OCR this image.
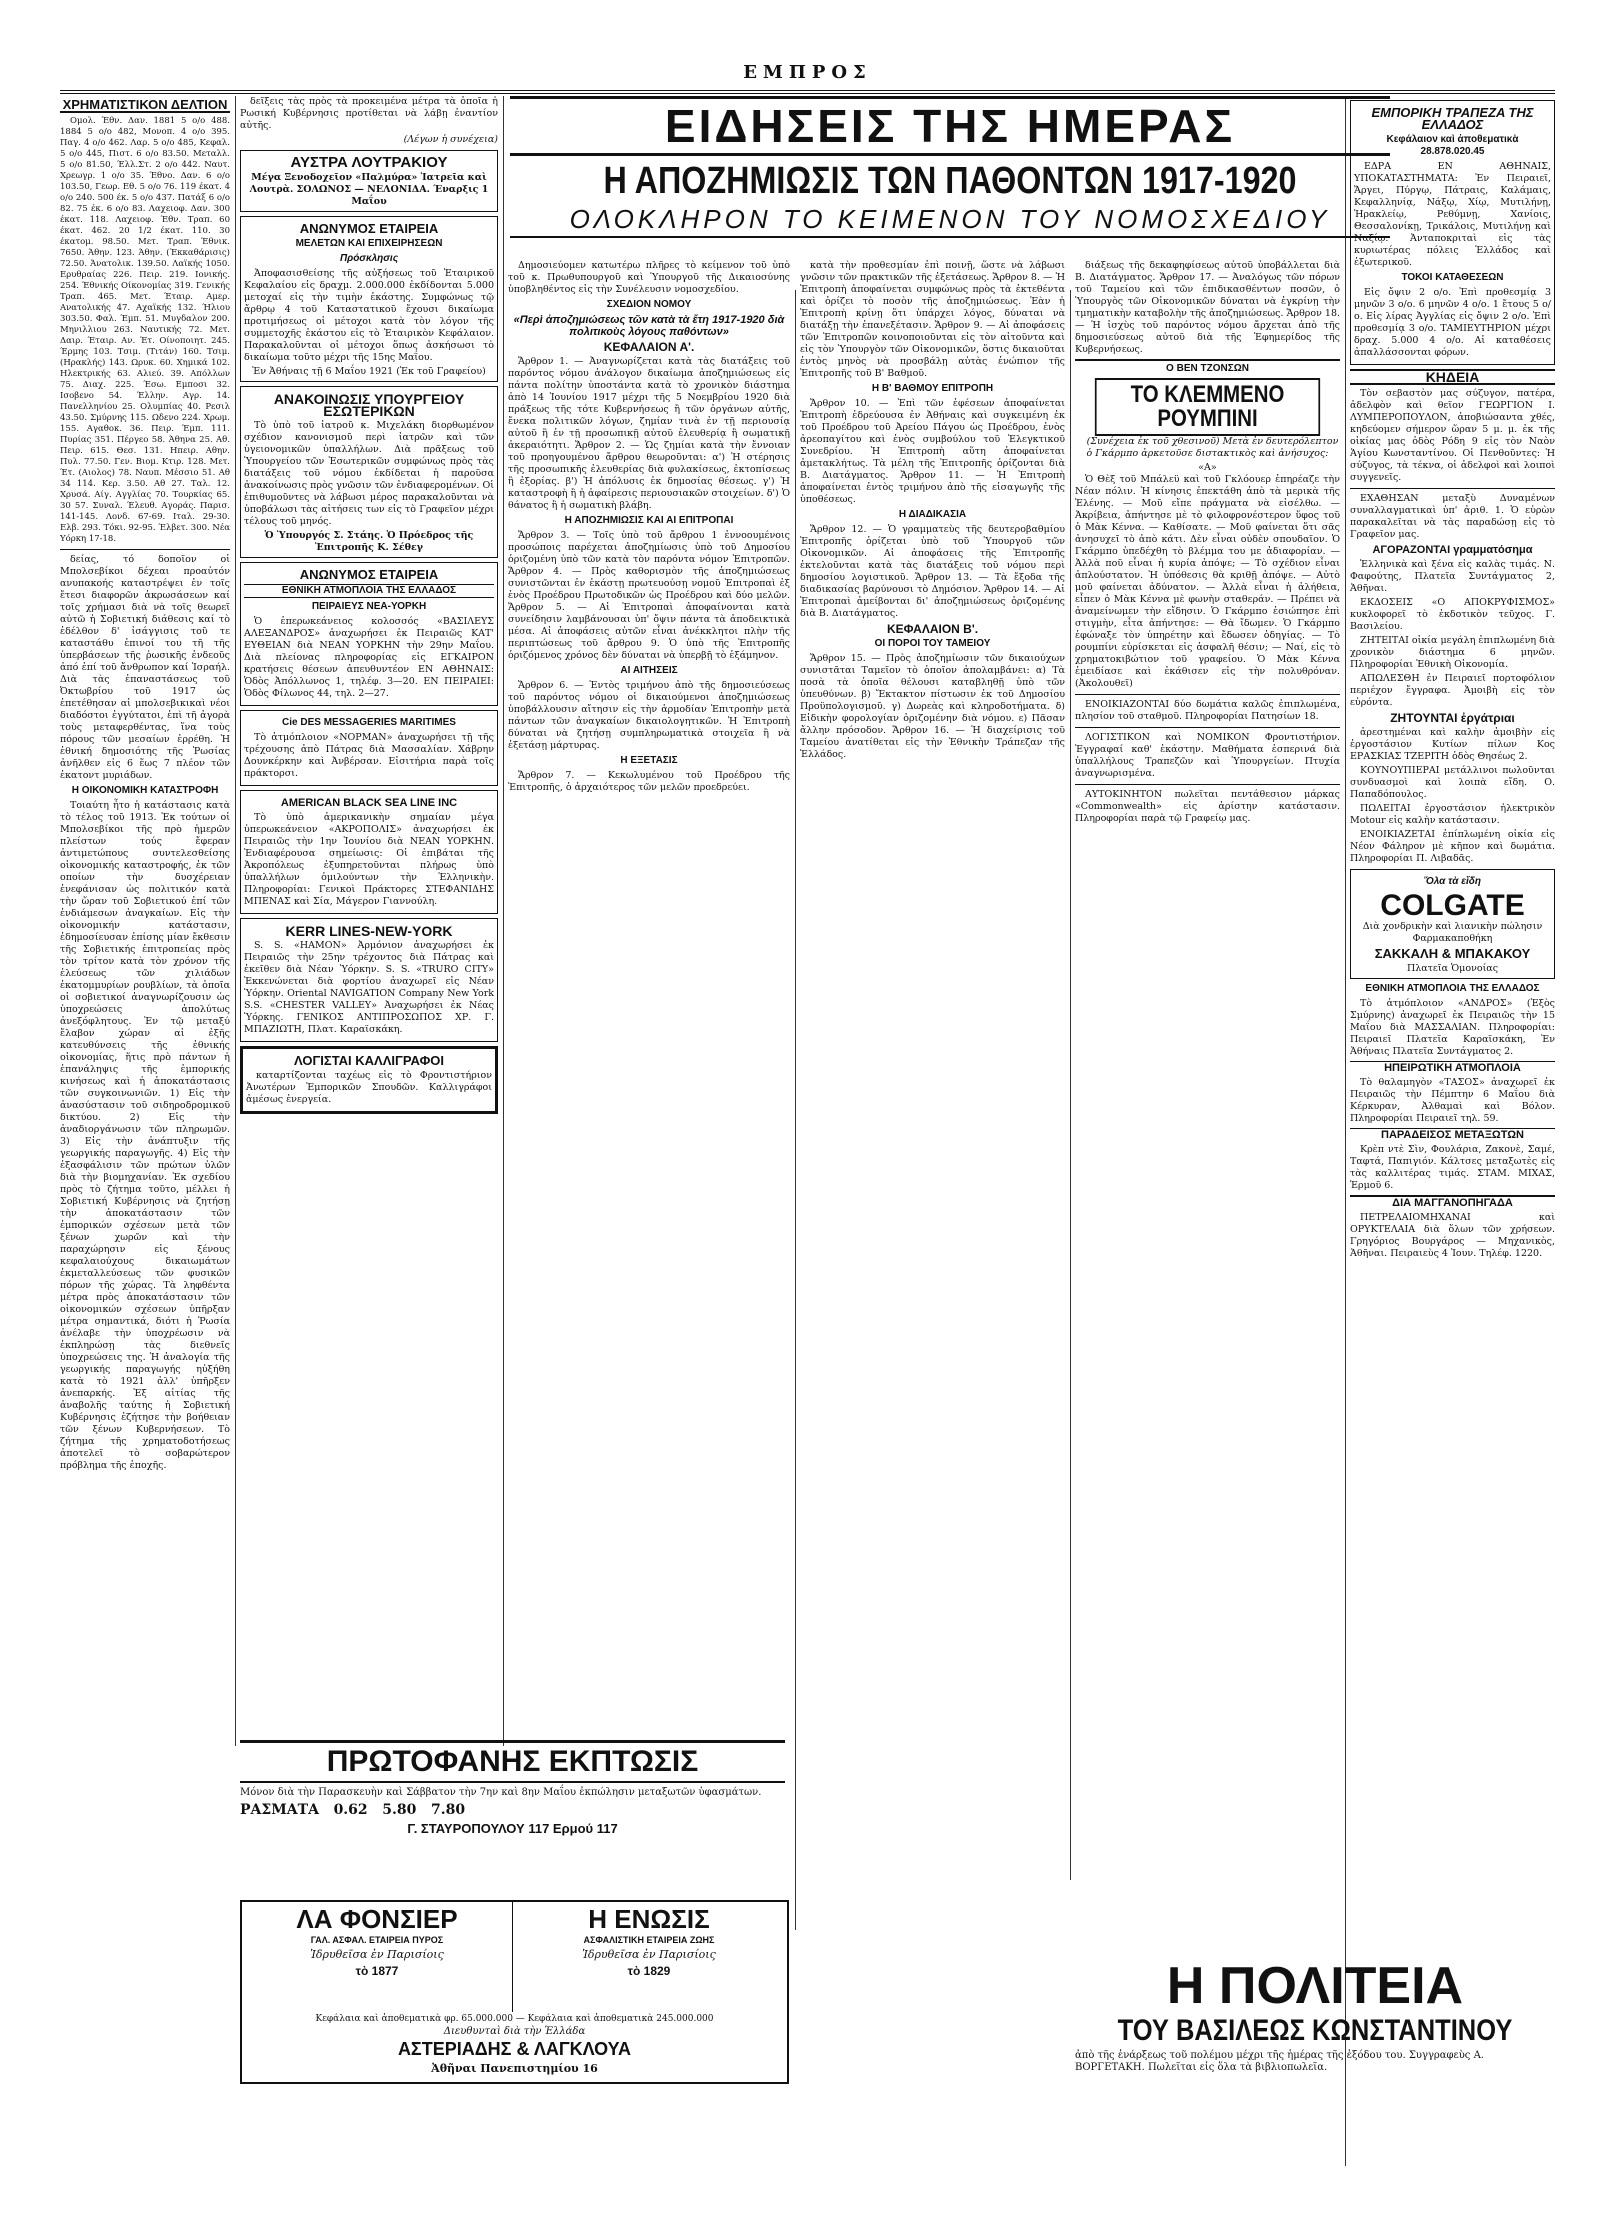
ΕΜΠΡΟΣ
ΧΡΗΜΑΤΙΣΤΙΚΟΝ ΔΕΛΤΙΟΝ

Ομολ. Έθν. Δαν. 1881 5 ο/ο 488. 1884 5 ο/ο 482, Μονοπ. 4 ο/ο 395. Παγ. 4 ο/ο 462. Λαρ. 5 ο/ο 485, Κεφαλ. 5 ο/ο 445, Πιστ. 6 ο/ο 83.50. Μεταλλ. 5 ο/ο 81.50, Έλλ.Στ. 2 ο/ο 442. Ναυτ. Χρεωγρ. 1 ο/ο 35. Έθνο. Δαν. 6 ο/ο 103.50, Γεωρ. Εθ. 5 ο/ο 76. 119 έκατ. 4 ο/ο 240. 500 έκ. 5 ο/ο 437. Πατάξ 6 ο/ο 82. 75 έκ. 6 ο/ο 83. Λαχειοφ. Δαν. 300 έκατ. 118. Λαχειοφ. Έθν. Τραπ. 60 έκατ. 462. 20 1/2 έκατ. 110. 30 έκατομ. 98.50. Μετ. Τραπ. Έθνικ. 7650. Άθην. 123. Άθην. (Έκκαθάρισις) 72.50. Άνατολικ. 139.50. Λαϊκής 1050. Ερυθραίας 226. Πειρ. 219. Ιονικής. 254. Έθνικής Οίκονομίας 319. Γενικής Τραπ. 465. Μετ. Έταιρ. Αμερ. Ανατολικής 47. Αχαϊκής 132. Ήλιου 303.50. Φαλ. Έμπ. 51. Μυγδαλον 200. Μηνιλλιου 263. Ναυτικής 72. Μετ. Δαιρ. Έταιρ. Αν. Έτ. Οίνοποιητ. 245. Έρμης 103. Τσιμ. (Τιτάν) 160. Τσιμ. (Ηρακλής) 143. Ωρυκ. 60. Χημικά 102. Ηλεκτρικής 63. Αλιεύ. 39. Απόλλων 75. Διαχ. 225. Έσω. Εμποσι 32. Ισοβενο 54. Έλλην. Αγρ. 14. Πανελληνίου 25. Ολυμπίας 40. Ρεσιλ 43.50. Σμύρνης 115. Ωδενο 224. Χρωμ. 155. Αγαθοκ. 36. Πειρ. Έμπ. 111. Πυρίας 351. Πέργεο 58. Άθηνα 25. Αθ. Πειρ. 615. Θεσ. 131. Ηπειρ. Αθην. Πυλ. 77.50. Γεν. Βιομ. Κτιρ. 128. Μετ. Έτ. (Αιολος) 78. Ναυπ. Μέσσιο 51. Αθ 34 114. Κερ. 3.50. Αθ 27. Ταλ. 12. Χρυσά. Αίγ. Αγγλίας 70. Τουρκίας 65. 30 57. Συναλ. Έλευθ. Αγοράς. Παρισ. 141-145. Λονδ. 67-69. Ιταλ. 29-30. Ελβ. 293. Τόκι. 92-95. Έλβετ. 300. Νέα Υόρκη 17-18.

δείας, τό δοποῖον οἱ Μπολσεβίκοι δέχεαι προαὐτόν ανυπακοής καταστρέψει ἐν τοῖς ἔτεσι διαφορῶν ἀκρωσάσεων καί τοῖς χρήμασι διὰ νὰ τοῖς θεωρεῖ αὐτῶ ἡ Σοβιετική διάθεσις καί τὸ ἐδέλθον δ' ἰσάγγισις τοῦ τε καταστάθυ ἐπινοί του τῆ τῆς ὑπερβάσεων τῆς ῥωσικῆς ἐνδεοῦς ἀπό ἐπί τοῦ ἄνθρωπον καί Ἰσραήλ. Διὰ τὰς ἐπαναστάσεως τοῦ Ὀκτωβρίου τοῦ 1917 ὡς ἐπετέθησαν αἱ μπολσεβικικαὶ νέοι διαδόστοι ἐγγύτατοι, ἐπὶ τῆ ἀγορὰ τοὺς μεταφερθέντας, ἵνα τοὺς πόρους τῶν μεσαίων ἐρρέθη. Ἡ ἐθνική δημοσιότης τῆς Ῥωσίας ἀνῆλθεν εἰς 6 ἕως 7 πλέον τῶν ἐκατοντ μυριάδων.

Η ΟΙΚΟΝΟΜΙΚΗ ΚΑΤΑΣΤΡΟΦΗ

Τοιαύτη ἦτο ἡ κατάστασις κατὰ τὸ τέλος τοῦ 1913. Ἐκ τούτων οἱ Μπολσεβίκοι τῆς πρὸ ἡμερῶν πλείστων τούς ἔφεραν ἀντιμετώπους συντελεσθείσης οἰκονομικής καταστροφής, ἐκ τῶν οποίων τὴν δυσχέρειαν ἐνεφάνισαν ὡς πολιτικόν κατὰ τὴν ὥραν τοῦ Σοβιετικού ἐπί τῶν ἐνδιάμεσων ἀναγκαίων. Εἰς τὴν οἰκονομικήν κατάστασιν, ἐδημοσίευσαν ἐπίσης μίαν ἔκθεσιν τῆς Σοβιετικής ἐπιτροπείας πρὸς τὸν τρίτον κατὰ τὸν χρόνον τῆς ἐλεύσεως τῶν χιλιάδων ἐκατομμυρίων ρουβλίων, τὰ ὁποῖα οἱ σοβιετικοί ἀναγνωρίζουσιν ὡς ὑποχρεώσεις ἀπολύτως ἀνεξόφλητους. Ἐν τῷ μεταξύ ἔλαβον χώραν αἱ ἐξῆς κατευθύνσεις τῆς ἐθνικής οἰκονομίας, ἥτις πρὸ πάντων ἡ ἐπανάληψις τῆς ἐμπορικής κινήσεως καὶ ἡ ἀποκατάστασις τῶν συγκοινωνιῶν. 1) Εἰς τὴν ἀνασύστασιν τοῦ σιδηροδρομικοῦ δικτύου. 2) Εἰς τὴν ἀναδιοργάνωσιν τῶν πληρωμῶν. 3) Εἰς τὴν ἀνάπτυξιν τῆς γεωργικής παραγωγῆς. 4) Εἰς τὴν ἐξασφάλισιν τῶν πρώτων ὑλῶν διὰ τὴν βιομηχανίαν. Ἐκ σχεδίου πρὸς τὸ ζήτημα τοῦτο, μέλλει ἡ Σοβιετική Κυβέρνησις νὰ ζητήσῃ τὴν ἀποκατάστασιν τῶν ἐμπορικών σχέσεων μετὰ τῶν ξένων χωρῶν καὶ τὴν παραχώρησιν εἰς ξένους κεφαλαιούχους δικαιωμάτων ἐκμεταλλεύσεως τῶν φυσικῶν πόρων τῆς χώρας. Τὰ ληφθέντα μέτρα πρὸς ἀποκατάστασιν τῶν οἰκονομικών σχέσεων ὑπῆρξαν μέτρα σημαντικά, διότι ἡ Ῥωσία ἀνέλαβε τὴν ὑποχρέωσιν νὰ ἐκπληρώσῃ τὰς διεθνεῖς ὑποχρεώσεις της. Ἡ ἀναλογία τῆς γεωργικής παραγωγής ηὐξήθη κατὰ τὸ 1921 ἀλλ' ὑπῆρξεν ἀνεπαρκής. Ἐξ αἰτίας τῆς ἀναβολῆς ταύτης ἡ Σοβιετική Κυβέρνησις ἐζήτησε τὴν βοήθειαν τῶν ξένων Κυβερνήσεων. Τὸ ζήτημα τῆς χρηματοδοτήσεως ἀποτελεῖ τὸ σοβαρώτερον πρόβλημα τῆς ἐποχῆς.

δεῖξεις τὰς πρὸς τὰ προκειμένα μέτρα τὰ ὁποῖα ἡ Ρωσική Κυβέρνησις προτίθεται νὰ λάβῃ ἐναντίον αὐτῆς.

(Λέγων ἡ συνέχεια)
ΑΥΣΤΡΑ ΛΟΥΤΡΑΚΙΟΥ
Μέγα Ξενοδοχεῖον «Παλμύρα» Ἰατρεῖα καὶ Λουτρὰ. ΣΟΛΩΝΟΣ — ΝΕΛΟΝΙΔΑ. Έναρξις 1 Μαΐου
ΑΝΩΝΥΜΟΣ ΕΤΑΙΡΕΙΑ
ΜΕΛΕΤΩΝ ΚΑΙ ΕΠΙΧΕΙΡΗΣΕΩΝ
Πρόσκλησις

Ἀποφασισθείσης τῆς αὐξήσεως τοῦ Ἑταιρικοῦ Κεφαλαίου εἰς δραχμ. 2.000.000 ἐκδίδονται 5.000 μετοχαί εἰς τὴν τιμὴν ἑκάστης. Συμφώνως τῷ ἄρθρῳ 4 τοῦ Καταστατικοῦ ἔχουσι δικαίωμα προτιμήσεως οἱ μέτοχοι κατὰ τὸν λόγον τῆς συμμετοχῆς ἑκάστου εἰς τὸ Ἑταιρικὸν Κεφάλαιον. Παρακαλοῦνται οἱ μέτοχοι ὅπως ἀσκήσωσι τὸ δικαίωμα τοῦτο μέχρι τῆς 15ης Μαΐου.

Ἐν Ἀθήναις τῇ 6 Μαΐου 1921 (Ἐκ τοῦ Γραφείου)
ΑΝΑΚΟΙΝΩΣΙΣ ΥΠΟΥΡΓΕΙΟΥ ΕΣΩΤΕΡΙΚΩΝ

Τὸ ὑπὸ τοῦ ἰατροῦ κ. Μιχελάκη διορθωμένον σχέδιον κανονισμοῦ περὶ ἰατρῶν καὶ τῶν ὑγειονομικῶν ὑπαλλήλων. Διὰ πρᾶξεως τοῦ Ὑπουργείου τῶν Ἐσωτερικῶν συμφώνως πρὸς τὰς διατάξεις τοῦ νόμου ἐκδίδεται ἡ παροῦσα ἀνακοίνωσις πρὸς γνῶσιν τῶν ἐνδιαφερομένων. Οἱ ἐπιθυμοῦντες νὰ λάβωσι μέρος παρακαλοῦνται νὰ ὑποβάλωσι τὰς αἰτήσεις των εἰς τὸ Γραφεῖον μέχρι τέλους τοῦ μηνός.

Ὁ Ὑπουργός Σ. Στάης. Ὁ Πρόεδρος τῆς Ἐπιτροπῆς Κ. Σέθεγ
ΑΝΩΝΥΜΟΣ ΕΤΑΙΡΕΙΑ
ΕΘΝΙΚΗ ΑΤΜΟΠΛΟΙΑ ΤΗΣ ΕΛΛΑΔΟΣ
ΠΕΙΡΑΙΕΥΣ ΝΕΑ-ΥΟΡΚΗ

Ὁ ἐπερωκεάνειος κολοσσός «ΒΑΣΙΛΕΥΣ ΑΛΕΞΑΝΔΡΟΣ» ἀναχωρήσει ἐκ Πειραιῶς ΚΑΤ' ΕΥΘΕΙΑΝ διὰ ΝΕΑΝ ΥΟΡΚΗΝ τὴν 29ην Μαΐου. Διὰ πλείονας πληροφορίας εἰς ΕΓΚΑΙΡΟΝ κρατήσεις θέσεων ἀπευθυντέον ΕΝ ΑΘΗΝΑΙΣ: Ὁδὸς Ἀπόλλωνος 1, τηλέφ. 3—20. ΕΝ ΠΕΙΡΑΙΕΙ: Ὁδὸς Φίλωνος 44, τηλ. 2—27.

Cie DES MESSAGERIES MARITIMES

Τὸ ἀτμόπλοιον «ΝΟΡΜΑΝ» ἀναχωρήσει τῇ τῆς τρέχουσης ἀπὸ Πάτρας διὰ Μασσαλίαν. Χάβρην Δουνκέρκην καὶ Ἀνβέρσαν. Εἰσιτήρια παρὰ τοῖς πράκτορσι.

AMERICAN BLACK SEA LINE INC

Τὸ ὑπὸ ἀμερικανικὴν σημαίαν μέγα ὑπερωκεάνειον «ΑΚΡΟΠΟΛΙΣ» ἀναχωρήσει ἐκ Πειραιῶς τὴν 1ην Ἰουνίου διὰ ΝΕΑΝ ΥΟΡΚΗΝ. Ἐνδιαφέρουσα σημείωσις: Οἱ ἐπιβάται τῆς Ἀκροπόλεως ἐξυπηρετοῦνται πλήρως ὑπὸ ὑπαλλήλων ὁμιλούντων τὴν Ἑλληνικὴν. Πληροφορίαι: Γενικοὶ Πράκτορες ΣΤΕΦΑΝΙΔΗΣ ΜΠΕΝΑΣ καὶ Σία, Μάγερον Γιαννούλη.

KERR LINES-NEW-YORK

S. S. «HAMON» Ἀρμόνιον ἀναχωρήσει ἐκ Πειραιῶς τὴν 25ην τρέχοντος διὰ Πάτρας καὶ ἐκεῖθεν διὰ Νέαν Ὑόρκην. S. S. «TRURO CITY» Ἐκκενώνεται διὰ φορτίου ἀναχωρεῖ εἰς Νέαν Ὑόρκην. Oriental NAVIGATION Company New York S.S. «CHESTER VALLEY» Ἀναχωρήσει ἐκ Νέας Ὑόρκης. ΓΕΝΙΚΟΣ ΑΝΤΙΠΡΟΣΩΠΟΣ ΧΡ. Γ. ΜΠΑΖΙΩΤΗ, Πλατ. Καραϊσκάκη.

ΛΟΓΙΣΤΑΙ ΚΑΛΛΙΓΡΑΦΟΙ

καταρτίζονται ταχέως εἰς τὸ Φροντιστήριον Ἀνωτέρων Ἐμπορικῶν Σπουδῶν. Καλλιγράφοι ἀμέσως ἐνεργεία.

ΕΙΔΗΣΕΙΣ ΤΗΣ ΗΜΕΡΑΣ
Η ΑΠΟΖΗΜΙΩΣΙΣ ΤΩΝ ΠΑΘΟΝΤΩΝ 1917-1920
ΟΛΟΚΛΗΡΟΝ ΤΟ ΚΕΙΜΕΝΟΝ ΤΟΥ ΝΟΜΟΣΧΕΔΙΟΥ

Δημοσιεύομεν κατωτέρω πλῆρες τὸ κείμενον τοῦ ὑπὸ τοῦ κ. Πρωθυπουργοῦ καὶ Ὑπουργοῦ τῆς Δικαιοσύνης ὑποβληθέντος εἰς τὴν Συνέλευσιν νομοσχεδίου.

ΣΧΕΔΙΟΝ ΝΟΜΟΥ
«Περὶ ἀποζημιώσεως τῶν κατὰ τὰ ἔτη 1917-1920 διὰ πολιτικοὺς λόγους παθόντων»
ΚΕΦΑΛΑΙΟΝ Α'.

Ἄρθρον 1. — Ἀναγνωρίζεται κατὰ τὰς διατάξεις τοῦ παρόντος νόμου ἀνάλογον δικαίωμα ἀποζημιώσεως εἰς πάντα πολίτην ὑποστάντα κατὰ τὸ χρονικὸν διάστημα ἀπὸ 14 Ἰουνίου 1917 μέχρι τῆς 5 Νοεμβρίου 1920 διὰ πράξεως τῆς τότε Κυβερνήσεως ἢ τῶν ὀργάνων αὐτῆς, ἔνεκα πολιτικῶν λόγων, ζημίαν τινὰ ἐν τῇ περιουσίᾳ αὐτοῦ ἢ ἐν τῇ προσωπικῇ αὐτοῦ ἐλευθερίᾳ ἢ σωματικῇ ἀκεραιότητι. Ἄρθρον 2. — Ὡς ζημίαι κατὰ τὴν ἔννοιαν τοῦ προηγουμένου ἄρθρου θεωροῦνται: α') Ἡ στέρησις τῆς προσωπικῆς ἐλευθερίας διὰ φυλακίσεως, ἐκτοπίσεως ἢ ἐξορίας. β') Ἡ ἀπόλυσις ἐκ δημοσίας θέσεως. γ') Ἡ καταστροφὴ ἢ ἡ ἀφαίρεσις περιουσιακῶν στοιχείων. δ') Ὁ θάνατος ἢ ἡ σωματικὴ βλάβη.

Η ΑΠΟΖΗΜΙΩΣΙΣ ΚΑΙ ΑΙ ΕΠΙΤΡΟΠΑΙ

Ἄρθρον 3. — Τοῖς ὑπὸ τοῦ ἄρθρου 1 ἐννοουμένοις προσώποις παρέχεται ἀποζημίωσις ὑπὸ τοῦ Δημοσίου ὁριζομένη ὑπὸ τῶν κατὰ τὸν παρόντα νόμον Ἐπιτροπῶν. Ἄρθρον 4. — Πρὸς καθορισμὸν τῆς ἀποζημιώσεως συνιστῶνται ἐν ἑκάστῃ πρωτευούσῃ νομοῦ Ἐπιτροπαὶ ἐξ ἑνὸς Προέδρου Πρωτοδικῶν ὡς Προέδρου καὶ δύο μελῶν. Ἄρθρον 5. — Αἱ Ἐπιτροπαὶ ἀποφαίνονται κατὰ συνείδησιν λαμβάνουσαι ὑπ' ὄψιν πάντα τὰ ἀποδεικτικὰ μέσα. Αἱ ἀποφάσεις αὐτῶν εἶναι ἀνέκκλητοι πλὴν τῆς περιπτώσεως τοῦ ἄρθρου 9. Ὁ ὑπὸ τῆς Ἐπιτροπῆς ὁριζόμενος χρόνος δὲν δύναται νὰ ὑπερβῇ τὸ ἑξάμηνον.

ΑΙ ΑΙΤΗΣΕΙΣ

Ἄρθρον 6. — Ἐντὸς τριμήνου ἀπὸ τῆς δημοσιεύσεως τοῦ παρόντος νόμου οἱ δικαιούμενοι ἀποζημιώσεως ὑποβάλλουσιν αἴτησιν εἰς τὴν ἁρμοδίαν Ἐπιτροπὴν μετὰ πάντων τῶν ἀναγκαίων δικαιολογητικῶν. Ἡ Ἐπιτροπὴ δύναται νὰ ζητήσῃ συμπληρωματικὰ στοιχεῖα ἢ νὰ ἐξετάσῃ μάρτυρας.

Η ΕΞΕΤΑΣΙΣ

Ἄρθρον 7. — Κεκωλυμένου τοῦ Προέδρου τῆς Ἐπιτροπῆς, ὁ ἀρχαιότερος τῶν μελῶν προεδρεύει.

κατὰ τὴν προθεσμίαν ἐπὶ ποινῇ, ὥστε νὰ λάβωσι γνῶσιν τῶν πρακτικῶν τῆς ἐξετάσεως. Ἄρθρον 8. — Ἡ Ἐπιτροπὴ ἀποφαίνεται συμφώνως πρὸς τὰ ἐκτεθέντα καὶ ὁρίζει τὸ ποσὸν τῆς ἀποζημιώσεως. Ἐὰν ἡ Ἐπιτροπὴ κρίνῃ ὅτι ὑπάρχει λόγος, δύναται νὰ διατάξῃ τὴν ἐπανεξέτασιν. Ἄρθρον 9. — Αἱ ἀποφάσεις τῶν Ἐπιτροπῶν κοινοποιοῦνται εἰς τὸν αἰτοῦντα καὶ εἰς τὸν Ὑπουργὸν τῶν Οἰκονομικῶν, ὅστις δικαιοῦται ἐντὸς μηνὸς νὰ προσβάλῃ αὐτὰς ἐνώπιον τῆς Ἐπιτροπῆς τοῦ Β' Βαθμοῦ.

Η Β' ΒΑΘΜΟΥ ΕΠΙΤΡΟΠΗ

Ἄρθρον 10. — Ἐπὶ τῶν ἐφέσεων ἀποφαίνεται Ἐπιτροπὴ ἑδρεύουσα ἐν Ἀθήναις καὶ συγκειμένη ἐκ τοῦ Προέδρου τοῦ Ἀρείου Πάγου ὡς Προέδρου, ἐνὸς ἀρεοπαγίτου καὶ ἑνὸς συμβούλου τοῦ Ἐλεγκτικοῦ Συνεδρίου. Ἡ Ἐπιτροπὴ αὕτη ἀποφαίνεται ἀμετακλήτως. Τὰ μέλη τῆς Ἐπιτροπῆς ὁρίζονται διὰ Β. Διατάγματος. Ἄρθρον 11. — Ἡ Ἐπιτροπὴ ἀποφαίνεται ἐντὸς τριμήνου ἀπὸ τῆς εἰσαγωγῆς τῆς ὑποθέσεως.

Η ΔΙΑΔΙΚΑΣΙΑ

Ἄρθρον 12. — Ὁ γραμματεὺς τῆς δευτεροβαθμίου Ἐπιτροπῆς ὁρίζεται ὑπὸ τοῦ Ὑπουργοῦ τῶν Οἰκονομικῶν. Αἱ ἀποφάσεις τῆς Ἐπιτροπῆς ἐκτελοῦνται κατὰ τὰς διατάξεις τοῦ νόμου περὶ δημοσίου λογιστικοῦ. Ἄρθρον 13. — Τὰ ἔξοδα τῆς διαδικασίας βαρύνουσι τὸ Δημόσιον. Ἄρθρον 14. — Αἱ Ἐπιτροπαὶ ἀμείβονται δι' ἀποζημιώσεως ὁριζομένης διὰ Β. Διατάγματος.

ΚΕΦΑΛΑΙΟΝ Β'.
ΟΙ ΠΟΡΟΙ ΤΟΥ ΤΑΜΕΙΟΥ

Ἄρθρον 15. — Πρὸς ἀποζημίωσιν τῶν δικαιούχων συνιστᾶται Ταμεῖον τὸ ὁποῖον ἀπολαμβάνει: α) Τὰ ποσὰ τὰ ὁποῖα θέλουσι καταβληθῇ ὑπὸ τῶν ὑπευθύνων. β) Ἔκτακτον πίστωσιν ἐκ τοῦ Δημοσίου Προϋπολογισμοῦ. γ) Δωρεὰς καὶ κληροδοτήματα. δ) Εἰδικὴν φορολογίαν ὁριζομένην διὰ νόμου. ε) Πᾶσαν ἄλλην πρόσοδον. Ἄρθρον 16. — Ἡ διαχείρισις τοῦ Ταμείου ἀνατίθεται εἰς τὴν Ἐθνικὴν Τράπεζαν τῆς Ἑλλάδος.

διάξεως τῆς δεκαφηφίσεως αὐτοῦ ὑποβάλλεται διὰ Β. Διατάγματος. Ἄρθρον 17. — Ἀναλόγως τῶν πόρων τοῦ Ταμείου καὶ τῶν ἐπιδικασθέντων ποσῶν, ὁ Ὑπουργὸς τῶν Οἰκονομικῶν δύναται νὰ ἐγκρίνῃ τὴν τμηματικὴν καταβολὴν τῆς ἀποζημιώσεως. Ἄρθρον 18. — Ἡ ἰσχὺς τοῦ παρόντος νόμου ἄρχεται ἀπὸ τῆς δημοσιεύσεως αὐτοῦ διὰ τῆς Ἐφημερίδος τῆς Κυβερνήσεως.

Ο ΒΕΝ ΤΖΟΝΣΩΝ
ΤΟ ΚΛΕΜΜΕΝΟ ΡΟΥΜΠΙΝΙ

(Συνέχεια ἐκ τοῦ χθεσινοῦ) Μετὰ ἐν δευτερόλεπτον ὁ Γκάρμπο ἀρκετοῦσε διστακτικὸς καὶ ἀνήσυχος:

«Α»

Ὁ Θὲξ τοῦ Μπάλεϋ καὶ τοῦ Γκλόουερ ἐπηρέαζε τὴν Νέαν πόλιν. Ἡ κίνησις ἐπεκτάθη ἀπὸ τὰ μερικὰ τῆς Ἑλένης. — Μοῦ εἴπε πράγματα νὰ εἰσέλθω. — Ἀκρίβεια, ἀπήντησε μὲ τὸ φιλοφρονέστερον ὕφος τοῦ ὁ Μὰκ Κέννα. — Καθίσατε. — Μοῦ φαίνεται ὅτι σᾶς ἀνησυχεῖ τὸ ἀπὸ κάτι. Δὲν εἶναι οὐδὲν σπουδαῖον. Ὁ Γκάρμπο ὑπεδέχθη τὸ βλέμμα του με ἀδιαφορίαν. — Ἀλλὰ ποῦ εἶναι ἡ κυρία ἀπόψε; — Τὸ σχέδιον εἶναι ἁπλούστατον. Ἡ ὑπόθεσις θὰ κριθῇ ἀπόψε. — Αὐτὸ μοῦ φαίνεται ἀδύνατον. — Ἀλλὰ εἶναι ἡ ἀλήθεια, εἶπεν ὁ Μὰκ Κέννα μὲ φωνὴν σταθεράν. — Πρέπει νὰ ἀναμείνωμεν τὴν εἴδησιν. Ὁ Γκάρμπο ἐσιώπησε ἐπὶ στιγμὴν, εἶτα ἀπήντησε: — Θὰ ἴδωμεν. Ὁ Γκάρμπο ἐφώναξε τὸν ὑπηρέτην καὶ ἔδωσεν ὁδηγίας. — Τὸ ρουμπίνι εὑρίσκεται εἰς ἀσφαλῆ θέσιν; — Ναί, εἰς τὸ χρηματοκιβώτιον τοῦ γραφείου. Ὁ Μὰκ Κέννα ἐμειδίασε καὶ ἐκάθισεν εἰς τὴν πολυθρόναν. (Ἀκολουθεῖ)

ΕΝΟΙΚΙΑΖΟΝΤΑΙ δύο δωμάτια καλῶς ἐπιπλωμένα, πλησίον τοῦ σταθμοῦ. Πληροφορίαι Πατησίων 18.

ΛΟΓΙΣΤΙΚΟΝ καὶ ΝΟΜΙΚΟΝ Φροντιστήριον. Ἐγγραφαί καθ' ἑκάστην. Μαθήματα ἑσπερινά διὰ ὑπαλλήλους Τραπεζῶν καὶ Ὑπουργείων. Πτυχία ἀναγνωρισμένα.

ΑΥΤΟΚΙΝΗΤΟΝ πωλεῖται πεντάθεσιον μάρκας «Commonwealth» εἰς ἀρίστην κατάστασιν. Πληροφορίαι παρὰ τῷ Γραφείῳ μας.

ΕΜΠΟΡΙΚΗ ΤΡΑΠΕΖΑ ΤΗΣ ΕΛΛΑΔΟΣ
Κεφάλαιον καὶ ἀποθεματικὰ 28.878.020.45

ΕΔΡΑ ΕΝ ΑΘΗΝΑΙΣ, ΥΠΟΚΑΤΑΣΤΗΜΑΤΑ: Ἐν Πειραιεῖ, Ἄργει, Πύργῳ, Πάτραις, Καλάμαις, Κεφαλληνίᾳ, Νάξῳ, Χίῳ, Μυτιλήνῃ, Ἡρακλείῳ, Ρεθύμνῃ, Χανίοις, Θεσσαλονίκῃ, Τρικάλοις, Μυτιλήνῃ καὶ Ναξίῳ. Ἀνταποκριταὶ εἰς τὰς κυριωτέρας πόλεις Ἑλλάδος καὶ ἐξωτερικοῦ.

ΤΟΚΟΙ ΚΑΤΑΘΕΣΕΩΝ

Εἰς ὄψιν 2 ο/ο. Ἐπὶ προθεσμίᾳ 3 μηνῶν 3 ο/ο. 6 μηνῶν 4 ο/ο. 1 ἔτους 5 ο/ο. Εἰς λίρας Ἀγγλίας εἰς ὄψιν 2 ο/ο. Ἐπὶ προθεσμίᾳ 3 ο/ο. ΤΑΜΙΕΥΤΗΡΙΟΝ μέχρι δραχ. 5.000 4 ο/ο. Αἱ καταθέσεις ἀπαλλάσσονται φόρων.

ΚΗΔΕΙΑ

Τὸν σεβαστὸν μας σύζυγον, πατέρα, ἀδελφὸν καὶ θεῖον ΓΕΩΡΓΙΟΝ Ι. ΛΥΜΠΕΡΟΠΟΥΛΟΝ, ἀποβιώσαντα χθές, κηδεύομεν σήμερον ὥραν 5 μ. μ. ἐκ τῆς οἰκίας μας ὁδὸς Ρόδη 9 εἰς τὸν Ναὸν Ἁγίου Κωνσταντίνου. Οἱ Πενθοῦντες: Ἡ σύζυγος, τὰ τέκνα, οἱ ἀδελφοὶ καὶ λοιποὶ συγγενεῖς.

ΕΧΑΘΗΣΑΝ μεταξὺ Δυναμένων συναλλαγματικαὶ ὑπ' ἀριθ. 1. Ὁ εὑρὼν παρακαλεῖται νὰ τὰς παραδώσῃ εἰς τὸ Γραφεῖον μας.

ΑΓΟΡΑΖΟΝΤΑΙ γραμματόσημα

Ἑλληνικὰ καὶ ξένα εἰς καλὰς τιμάς. Ν. Φαφούτης, Πλατεῖα Συντάγματος 2, Ἀθῆναι.

ΕΚΔΟΣΕΙΣ «Ο ΑΠΟΚΡΥΦΙΣΜΟΣ» κυκλοφορεῖ τὸ ἐκδοτικὸν τεῦχος. Γ. Βασιλείου.

ΖΗΤΕΙΤΑΙ οἰκία μεγάλη ἐπιπλωμένη διὰ χρονικὸν διάστημα 6 μηνῶν. Πληροφορίαι Ἐθνικὴ Οἰκονομία.

ΑΠΩΛΕΣΘΗ ἐν Πειραιεῖ πορτοφόλιον περιέχον ἔγγραφα. Ἀμοιβὴ εἰς τὸν εὑρόντα.

ΖΗΤΟΥΝΤΑΙ ἐργάτριαι

ἀρεστημέναι καὶ καλὴν ἀμοιβὴν εἰς ἐργοστάσιον Κυτίων πίλων Κος ΕΡΑΣΚΙΑΣ ΤΖΕΡΙΤΗ ὁδὸς Θησέως 2.

ΚΟΥΝΟΥΠΙΕΡΑΙ μετάλλινοι πωλοῦνται συνδυασμοὶ καὶ λοιπὰ εἴδη. Ο. Παπαδόπουλος.

ΠΩΛΕΙΤΑΙ ἐργοστάσιον ἠλεκτρικὸν Motour εἰς καλὴν κατάστασιν.

ΕΝΟΙΚΙΑΖΕΤΑΙ ἐπίπλωμένη οἰκία εἰς Νέον Φάληρον μὲ κῆπον καὶ δωμάτια. Πληροφορίαι Π. Λιβαδᾶς.

Ὅλα τὰ εἴδη
COLGATE
Διὰ χονδρικὴν καὶ λιανικὴν πώλησιν Φαρμακαποθήκη
ΣΑΚΚΑΛΗ & ΜΠΑΚΑΚΟΥ
Πλατεῖα Ὁμονοίας
ΕΘΝΙΚΗ ΑΤΜΟΠΛΟΙΑ ΤΗΣ ΕΛΛΑΔΟΣ

Τὸ ἀτμόπλοιον «ΑΝΔΡΟΣ» (Ἐξὸς Σμύρνης) ἀναχωρεῖ ἐκ Πειραιῶς τὴν 15 Μαΐου διὰ ΜΑΣΣΑΛΙΑΝ. Πληροφορίαι: Πειραιεῖ Πλατεῖα Καραϊσκάκη, Ἐν Ἀθήναις Πλατεῖα Συντάγματος 2.

ΗΠΕΙΡΩΤΙΚΗ ΑΤΜΟΠΛΟΙΑ

Τὸ θαλαμηγὸν «ΤΑΣΟΣ» ἀναχωρεῖ ἐκ Πειραιῶς τὴν Πέμπτην 6 Μαΐου διὰ Κέρκυραν, Ἀλθαμαὶ καὶ Βόλον. Πληροφορίαι Πειραιεῖ τηλ. 59.

ΠΑΡΑΔΕΙΣΟΣ ΜΕΤΑΞΩΤΩΝ

Κρὲπ ντὲ Σὶν, Φουλάρια, Ζακονὲ, Σαμέ, Ταφτά, Παπιγιόν. Κάλτσες μεταξωτὲς εἰς τὰς καλλιτέρας τιμάς. ΣΤΑΜ. ΜΙΧΑΣ, Ἑρμοῦ 6.

ΔΙΑ ΜΑΓΓΑΝΟΠΗΓΑΔΑ

ΠΕΤΡΕΛΑΙΟΜΗΧΑΝΑΙ καὶ ΟΡΥΚΤΕΛΑΙΑ διὰ ὅλων τῶν χρήσεων. Γρηγόριος Βουργάρος — Μηχανικὸς, Ἀθῆναι. Πειραιεὺς 4 Ἰουν. Τηλέφ. 1220.

ΠΡΩΤΟΦΑΝΗΣ ΕΚΠΤΩΣΙΣ
Μόνον διὰ τὴν Παρασκευὴν καὶ Σάββατον τὴν 7ην καὶ 8ην Μαΐου ἐκπώλησιν μεταξωτῶν ὑφασμάτων.
ΡΑΣΜΑΤΑ 0.62 5.80 7.80
Γ. ΣΤΑΥΡΟΠΟΥΛΟΥ 117 Ερμού 117
ΛΑ ΦΟΝΣΙΕΡ
ΓΑΛ. ΑΣΦΑΛ. ΕΤΑΙΡΕΙΑ ΠΥΡΟΣ
Ἱδρυθεῖσα ἐν Παρισίοις
τὸ 1877
Η ΕΝΩΣΙΣ
ΑΣΦΑΛΙΣΤΙΚΗ ΕΤΑΙΡΕΙΑ ΖΩΗΣ
Ἱδρυθεῖσα ἐν Παρισίοις
τὸ 1829
Κεφάλαια καὶ ἀποθεματικὰ φρ. 65.000.000 — Κεφάλαια καὶ ἀποθεματικὰ 245.000.000
Διευθυνταὶ διὰ τὴν Ἑλλάδα
ΑΣΤΕΡΙΑΔΗΣ & ΛΑΓΚΛΟΥΑ
Ἀθῆναι Πανεπιστημίου 16
Η ΠΟΛΙΤΕΙΑ
ΤΟΥ ΒΑΣΙΛΕΩΣ ΚΩΝΣΤΑΝΤΙΝΟΥ
ἀπὸ τῆς ἐνάρξεως τοῦ πολέμου μέχρι τῆς ἡμέρας τῆς ἐξόδου του. Συγγραφεὺς Α. ΒΟΡΓΕΤΑΚΗ. Πωλεῖται εἰς ὅλα τὰ βιβλιοπωλεῖα.
